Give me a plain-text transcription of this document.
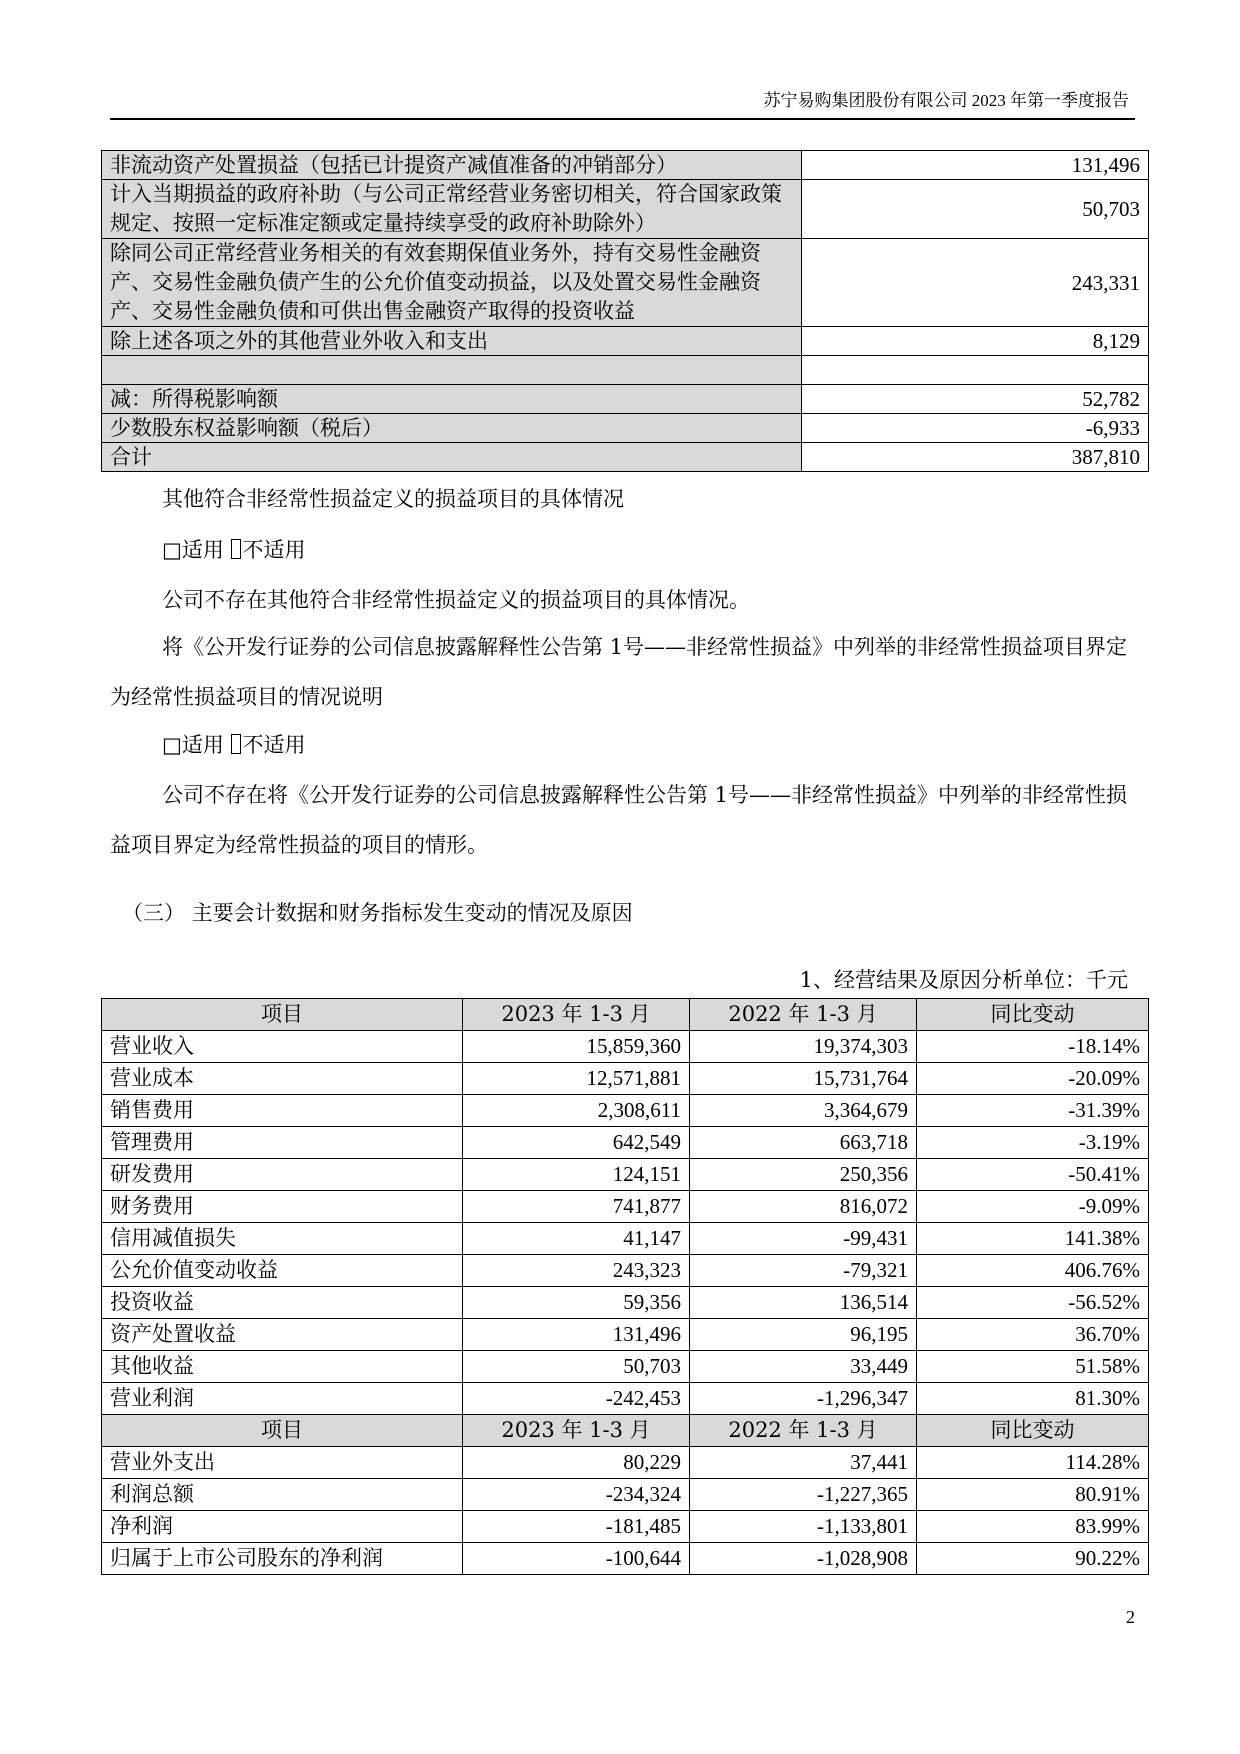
苏宁易购集团股份有限公司 2023 年第一季度报告
非流动资产处置损益（包括已计提资产减值准备的冲销部分）	131,496
计入当期损益的政府补助（与公司正常经营业务密切相关，符合国家政策规定、按照一定标准定额或定量持续享受的政府补助除外）	50,703
除同公司正常经营业务相关的有效套期保值业务外，持有交易性金融资产、交易性金融负债产生的公允价值变动损益，以及处置交易性金融资产、交易性金融负债和可供出售金融资产取得的投资收益	243,331
除上述各项之外的其他营业外收入和支出	8,129

减：所得税影响额	52,782
少数股东权益影响额（税后）	-6,933
合计	387,810

其他符合非经常性损益定义的损益项目的具体情况

□适用 不适用

公司不存在其他符合非经常性损益定义的损益项目的具体情况。

将《公开发行证券的公司信息披露解释性公告第 1号——非经常性损益》中列举的非经常性损益项目界定为经常性损益项目的情况说明

□适用 不适用

公司不存在将《公开发行证券的公司信息披露解释性公告第 1号——非经常性损益》中列举的非经常性损益项目界定为经常性损益的项目的情形。

（三） 主要会计数据和财务指标发生变动的情况及原因
1、经营结果及原因分析单位：千元
项目	2023 年 1-3 月	2022 年 1-3 月	同比变动
营业收入	15,859,360	19,374,303	-18.14%
营业成本	12,571,881	15,731,764	-20.09%
销售费用	2,308,611	3,364,679	-31.39%
管理费用	642,549	663,718	-3.19%
研发费用	124,151	250,356	-50.41%
财务费用	741,877	816,072	-9.09%
信用减值损失	41,147	-99,431	141.38%
公允价值变动收益	243,323	-79,321	406.76%
投资收益	59,356	136,514	-56.52%
资产处置收益	131,496	96,195	36.70%
其他收益	50,703	33,449	51.58%
营业利润	-242,453	-1,296,347	81.30%
项目	2023 年 1-3 月	2022 年 1-3 月	同比变动
营业外支出	80,229	37,441	114.28%
利润总额	-234,324	-1,227,365	80.91%
净利润	-181,485	-1,133,801	83.99%
归属于上市公司股东的净利润	-100,644	-1,028,908	90.22%
2
